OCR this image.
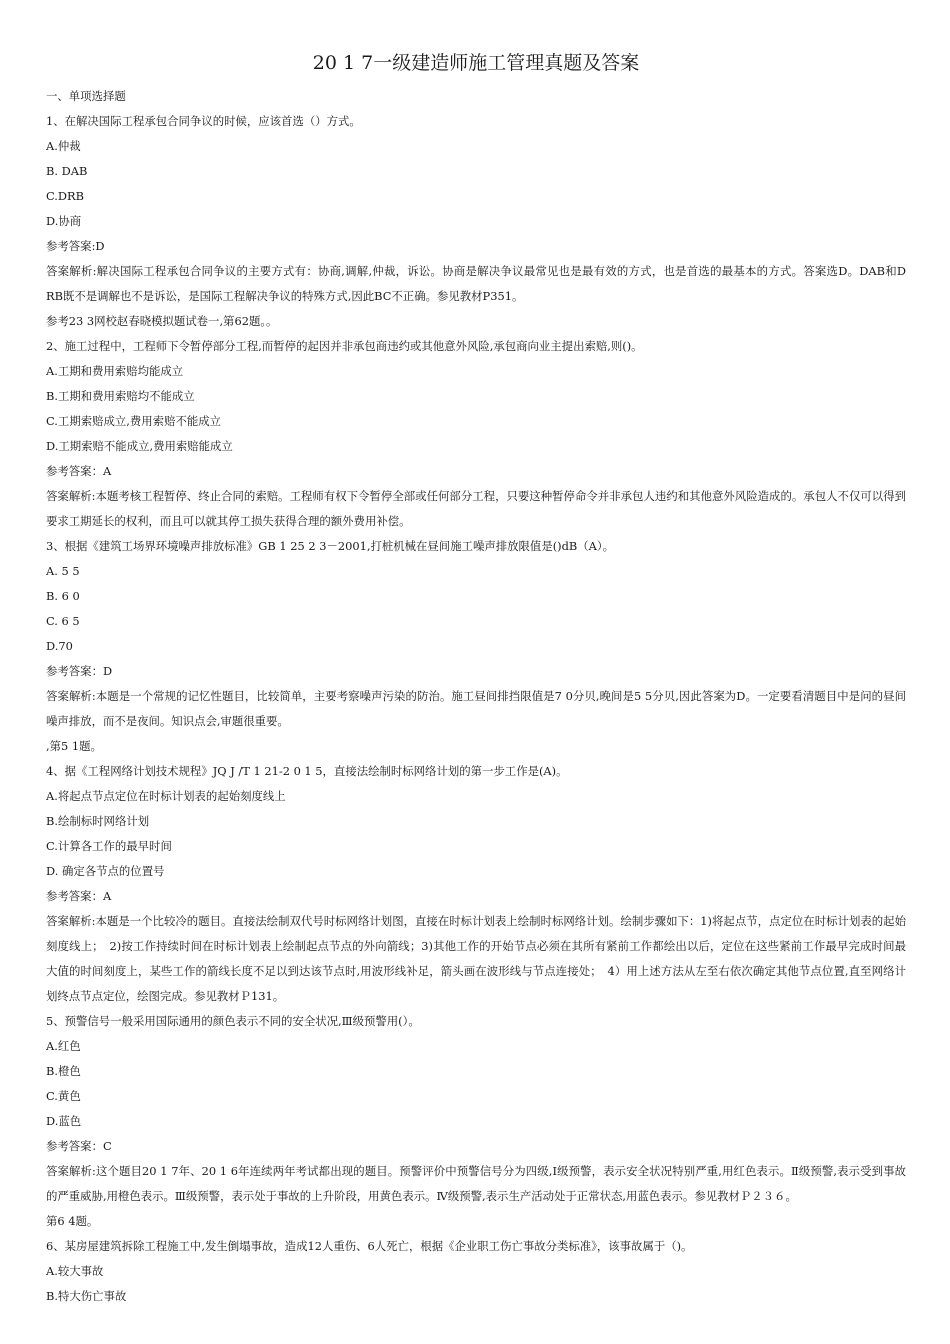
20 1 7一级建造师施工管理真题及答案

一、单项选择题

1、在解决国际工程承包合同争议的时候，应该首选（）方式。

A.仲裁

B. DAB

C.DRB

D.协商

参考答案:D

答案解析:解决国际工程承包合同争议的主要方式有：协商,调解,仲裁，诉讼。协商是解决争议最常见也是最有效的方式，也是首选的最基本的方式。答案选D。DAB和D RB既不是调解也不是诉讼，是国际工程解决争议的特殊方式,因此BC不正确。参见教材P351。

参考23 3网校赵春晓模拟题试卷一,第62题。。

2、施工过程中，工程师下令暂停部分工程,而暂停的起因并非承包商违约或其他意外风险,承包商向业主提出索赔,则()。

A.工期和费用索赔均能成立

B.工期和费用索赔均不能成立

C.工期索赔成立,费用索赔不能成立

D.工期索赔不能成立,费用索赔能成立

参考答案：A

答案解析:本题考核工程暂停、终止合同的索赔。工程师有权下令暂停全部或任何部分工程，只要这种暂停命令并非承包人违约和其他意外风险造成的。承包人不仅可以得到要求工期延长的权利，而且可以就其停工损失获得合理的额外费用补偿。

3、根据《建筑工场界环境噪声排放标准》GB 1 25 2 3－2001,打桩机械在昼间施工噪声排放限值是()dB（A）。

A. 5 5

B. 6 0

C. 6 5

D.70

参考答案：D

答案解析:本题是一个常规的记忆性题目，比较简单，主要考察噪声污染的防治。施工昼间排挡限值是7 0分贝,晚间是5 5分贝,因此答案为D。一定要看清题目中是问的昼间噪声排放，而不是夜间。知识点会,审题很重要。

,第5 1题。

4、据《工程网络计划技术规程》JQ J /T 1 21-2 0 1 5，直接法绘制时标网络计划的第一步工作是(A)。

A.将起点节点定位在时标计划表的起始刻度线上

B.绘制标时网络计划

C.计算各工作的最早时间

D. 确定各节点的位置号

参考答案：A

答案解析:本题是一个比较冷的题目。直接法绘制双代号时标网络计划图，直接在时标计划表上绘制时标网络计划。绘制步骤如下：1)将起点节，点定位在时标计划表的起始刻度线上；　2)按工作持续时间在时标计划表上绘制起点节点的外向箭线；3)其他工作的开始节点必须在其所有紧前工作都绘出以后，定位在这些紧前工作最早完成时间最大值的时间刻度上，某些工作的箭线长度不足以到达该节点时,用波形线补足，箭头画在波形线与节点连接处；　4）用上述方法从左至右依次确定其他节点位置,直至网络计划终点节点定位，绘图完成。参见教材Ｐ131。

5、预警信号一般采用国际通用的颜色表示不同的安全状况,Ⅲ级预警用(）。

A.红色

B.橙色

C.黄色

D.蓝色

参考答案：C

答案解析:这个题目20 1 7年、20 1 6年连续两年考试都出现的题目。预警评价中预警信号分为四级,Ⅰ级预警，表示安全状况特别严重,用红色表示。Ⅱ级预警,表示受到事故的严重威胁,用橙色表示。Ⅲ级预警，表示处于事故的上升阶段，用黄色表示。Ⅳ级预警,表示生产活动处于正常状态,用蓝色表示。参见教材Ｐ２３６。

第6 4题。

6、某房屋建筑拆除工程施工中,发生倒塌事故，造成12人重伤、6人死亡，根据《企业职工伤亡事故分类标准》，该事故属于（)。

A.较大事故

B.特大伤亡事故
